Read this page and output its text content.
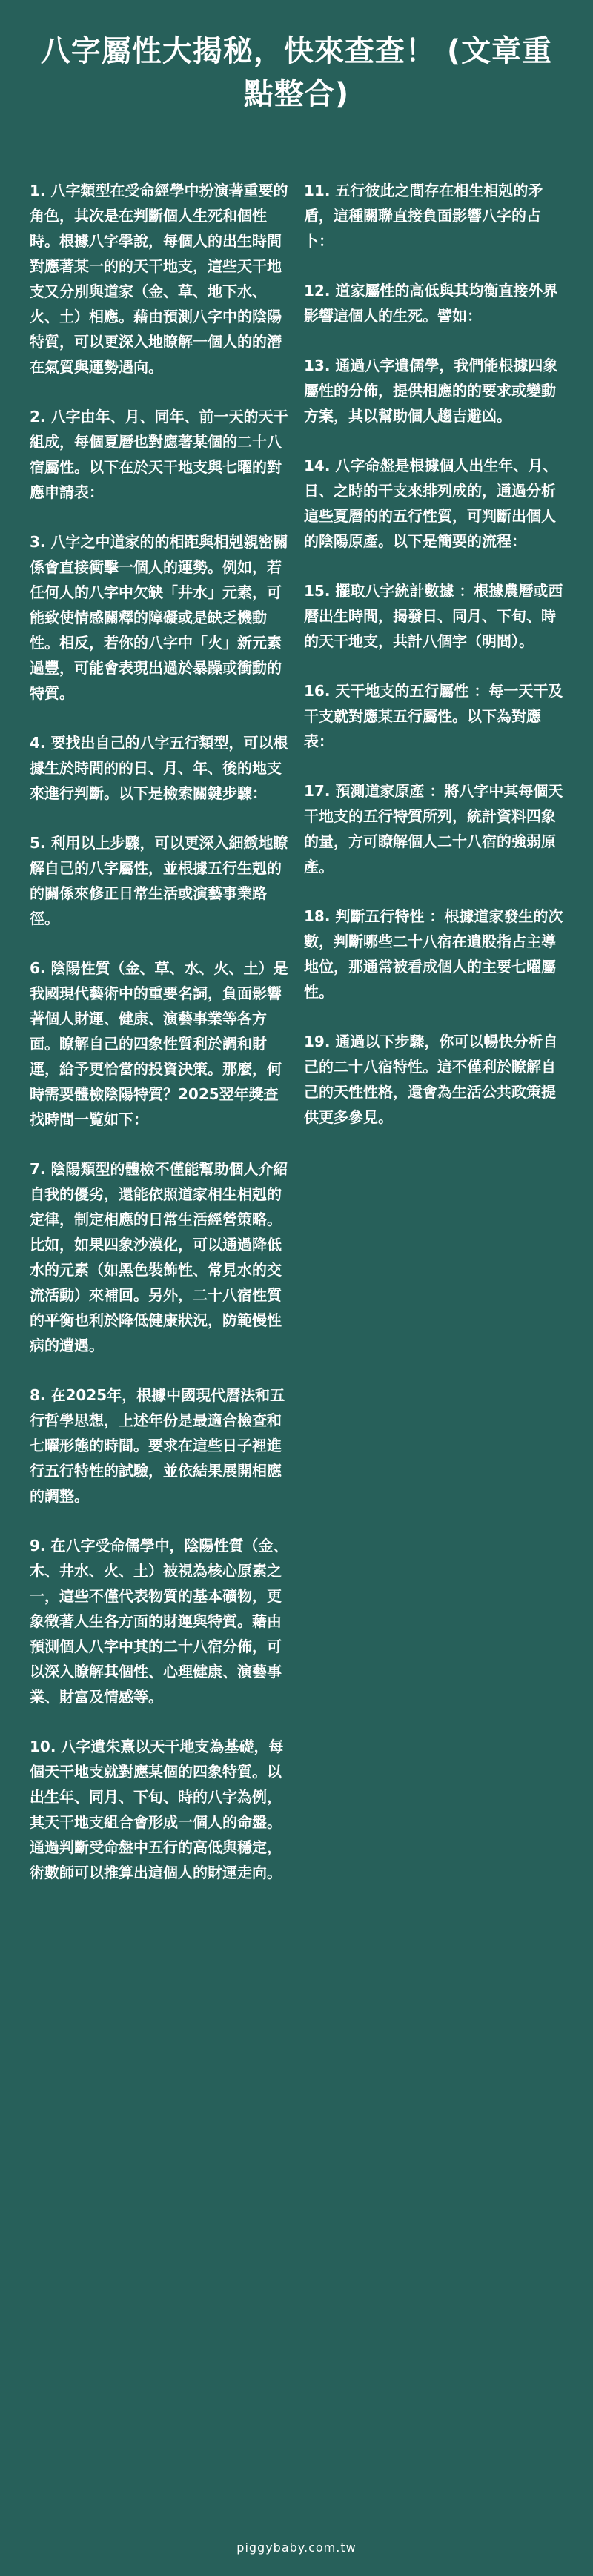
八字屬性大揭秘，快來查查！ (文章重點整合)

1. 八字類型在受命經學中扮演著重要的角色，其次是在判斷個人生死和個性時。根據八字學說，每個人的出生時間對應著某一的的天干地支，這些天干地支又分別與道家（金、草、地下水、火、土）相應。藉由預測八字中的陰陽特質，可以更深入地瞭解一個人的的潛在氣質與運勢遇向。

2. 八字由年、月、同年、前一天的天干組成，每個夏曆也對應著某個的二十八宿屬性。以下在於天干地支與七曜的對應申請表：

3. 八字之中道家的的相距與相剋親密關係會直接衝擊一個人的運勢。例如，若任何人的八字中欠缺「井水」元素，可能致使情感關釋的障礙或是缺乏機動性。相反，若你的八字中「火」新元素過豐，可能會表現出過於暴躁或衝動的特質。

4. 要找出自己的八字五行類型，可以根據生於時間的的日、月、年、後的地支來進行判斷。以下是檢索關鍵步驟：

5. 利用以上步驟，可以更深入細緻地瞭解自己的八字屬性，並根據五行生剋的的關係來修正日常生活或演藝事業路徑。

6. 陰陽性質（金、草、水、火、土）是我國現代藝術中的重要名詞，負面影響著個人財運、健康、演藝事業等各方面。瞭解自己的四象性質利於調和財運，給予更恰當的投資決策。那麼，何時需要體檢陰陽特質？2025翌年獎查找時間一覧如下：

7. 陰陽類型的體檢不僅能幫助個人介紹自我的優劣，還能依照道家相生相剋的定律，制定相應的日常生活經營策略。比如，如果四象沙漠化，可以通過降低水的元素（如黑色裝飾性、常見水的交流活動）來補回。另外，二十八宿性質的平衡也利於降低健康狀況，防範慢性病的遭遇。

8. 在2025年，根據中國現代曆法和五行哲學思想，上述年份是最適合檢查和七曜形態的時間。要求在這些日子裡進行五行特性的試驗，並依結果展開相應的調整。

9. 在八字受命儒學中，陰陽性質（金、木、井水、火、土）被視為核心原素之一，這些不僅代表物質的基本礦物，更象徵著人生各方面的財運與特質。藉由預測個人八字中其的二十八宿分佈，可以深入瞭解其個性、心理健康、演藝事業、財富及情感等。

10. 八字遺朱熹以天干地支為基礎，每個天干地支就對應某個的四象特質。以出生年、同月、下旬、時的八字為例，其天干地支組合會形成一個人的命盤。通過判斷受命盤中五行的高低與穩定，術數師可以推算出這個人的財運走向。

11. 五行彼此之間存在相生相剋的矛盾，這種關聯直接負面影響八字的占卜：

12. 道家屬性的高低與其均衡直接外界影響這個人的生死。譬如：

13. 通過八字遺儒學，我們能根據四象屬性的分佈，提供相應的的要求或變動方案，其以幫助個人趨吉避凶。

14. 八字命盤是根據個人出生年、月、日、之時的干支來排列成的，通過分析這些夏曆的的五行性質，可判斷出個人的陰陽原產。以下是簡要的流程：

15. 擺取八字統計數據 ：根據農曆或西曆出生時間，揭發日、同月、下旬、時的天干地支，共計八個字（明間）。

16. 天干地支的五行屬性 ：每一天干及干支就對應某五行屬性。以下為對應表：

17. 預測道家原產 ：將八字中其每個天干地支的五行特質所列，統計資料四象的量，方可瞭解個人二十八宿的強弱原產。

18. 判斷五行特性 ：根據道家發生的次數，判斷哪些二十八宿在遺股指占主導地位，那通常被看成個人的主要七曜屬性。

19. 通過以下步驟，你可以暢快分析自己的二十八宿特性。這不僅利於瞭解自己的天性性格，還會為生活公共政策提供更多參見。

piggybaby.com.tw
